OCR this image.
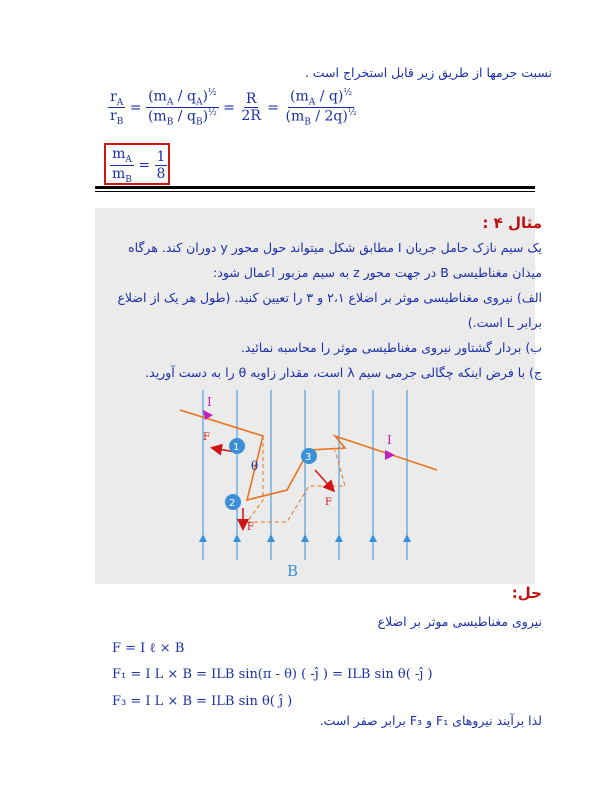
نسبت جرمها از طریق زیر قابل استخراج است .
$\frac{r_A}{r_B} = \frac{(m_A / q_A)^{\frac{1}{2}}}{(m_B / q_B)^{\frac{1}{2}}} = \frac{R}{2R} = \frac{(m_A / q)^{\frac{1}{2}}}{(m_B / 2q)^{\frac{1}{2}}}$
$\frac{m_A}{m_B} = \frac{1}{8}$
مثال ۴ :
یک سیم نازک حامل جریان I مطابق شکل میتواند حول محور y دوران کند. هرگاه
میدان مغناطیسی B در جهت محور z به سیم مزبور اعمال شود:
الف) نیروی مغناطیسی موثر بر اضلاع ۲،۱ و ۳ را تعیین کنید. (طول هر یک از اضلاع
برابر L است.)
ب) بردار گشتاور نیروی مغناطیسی موثر را محاسبه نمائید.
ج) با فرض اینکه چگالی جرمی سیم λ است، مقدار زاویه θ را به دست آورید.
1
2
3
θ
F
F
F
I
I
B
حل:
نیروی مغناطیسی موثر بر اضلاع
F = I ℓ × B
F₁ = I L × B = ILB sin(π - θ) ( -ĵ ) = ILB sin θ( -ĵ )
F₃ = I L × B = ILB sin θ( ĵ )
لذا برآیند نیروهای F₁ و F₃ برابر صفر است.
